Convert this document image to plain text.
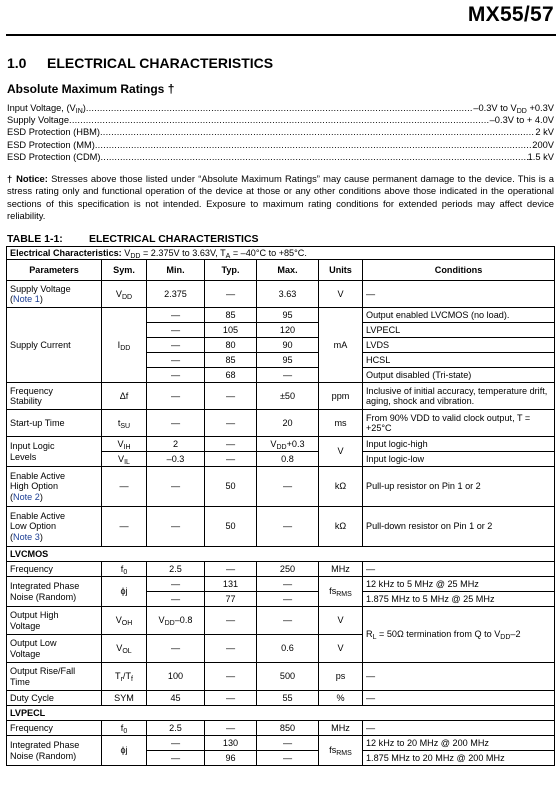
MX55/57
1.0 ELECTRICAL CHARACTERISTICS
Absolute Maximum Ratings †
Input Voltage, $(V_{IN})$ .....	–0.3V to $V_{DD} +0.3V$
Supply Voltage .....	–0.3V to + 4.0V
ESD Protection (HBM) .....	2 kV
ESD Protection (MM) .....	200V
ESD Protection (CDM) .....	1.5 kV
† Notice: Stresses above those listed under “Absolute Maximum Ratings” may cause permanent damage to the device. This is a stress rating only and functional operation of the device at those or any other conditions above those indicated in the operational sections of this specification is not intended. Exposure to maximum rating conditions for extended periods may affect device reliability.
TABLE 1-1: ELECTRICAL CHARACTERISTICS
Electrical Characteristics: $V_{DD} = 2.375V$ to 3.63V, $T_A = -40^\circ C$ to +85°C.						
Parameters	Sym.	Min.	Typ.	Max.	Units	Conditions
Supply Voltage
(Note 1)	$V_{DD}$	2.375	—	3.63	V	—
Supply Current	$I_{DD}$	—	85	95	mA	Output enabled LVCMOS (no load).
		—	105	120		LVPECL
		—	80	90		LVDS
		—	85	95		HCSL
		—	68	—		Output disabled (Tri-state)
Frequency
Stability	Δf	—	—	±50	ppm	Inclusive of initial accuracy, temperature drift, aging, shock and vibration.
Start-up Time	$t_{SU}$	—	—	20	ms	From 90% VDD to valid clock output, T = +25°C
Input Logic
Levels	$V_{IH}$	2	—	$V_{DD}+0.3$	V	Input logic-high
	$V_{IL}$	–0.3	—	0.8		Input logic-low
Enable Active
High Option
(Note 2)	—	—	50	—	kΩ	Pull-up resistor on Pin 1 or 2
Enable Active
Low Option
(Note 3)	—	—	50	—	kΩ	Pull-down resistor on Pin 1 or 2
LVCMOS						
Frequency	$f_0$	2.5	—	250	MHz	—
Integrated Phase
Noise (Random)	ϕj	—	131	—	$fs_{RMS}$	12 kHz to 5 MHz @ 25 MHz
		—	77	—		1.875 MHz to 5 MHz @ 25 MHz
Output High
Voltage	$V_{OH}$	$V_{DD}-0.8$	—	—	V	$R_L = 50\Omega$ termination from Q to $V_{DD}-2$
Output Low
Voltage	$V_{OL}$	—	—	0.6	V	
Output Rise/Fall
Time	$T_r/T_f$	100	—	500	ps	—
Duty Cycle	SYM	45	—	55	%	—
LVPECL						
Frequency	$f_0$	2.5	—	850	MHz	—
Integrated Phase
Noise (Random)	ϕj	—	130	—	$fs_{RMS}$	12 kHz to 20 MHz @ 200 MHz
		—	96	—		1.875 MHz to 20 MHz @ 200 MHz
